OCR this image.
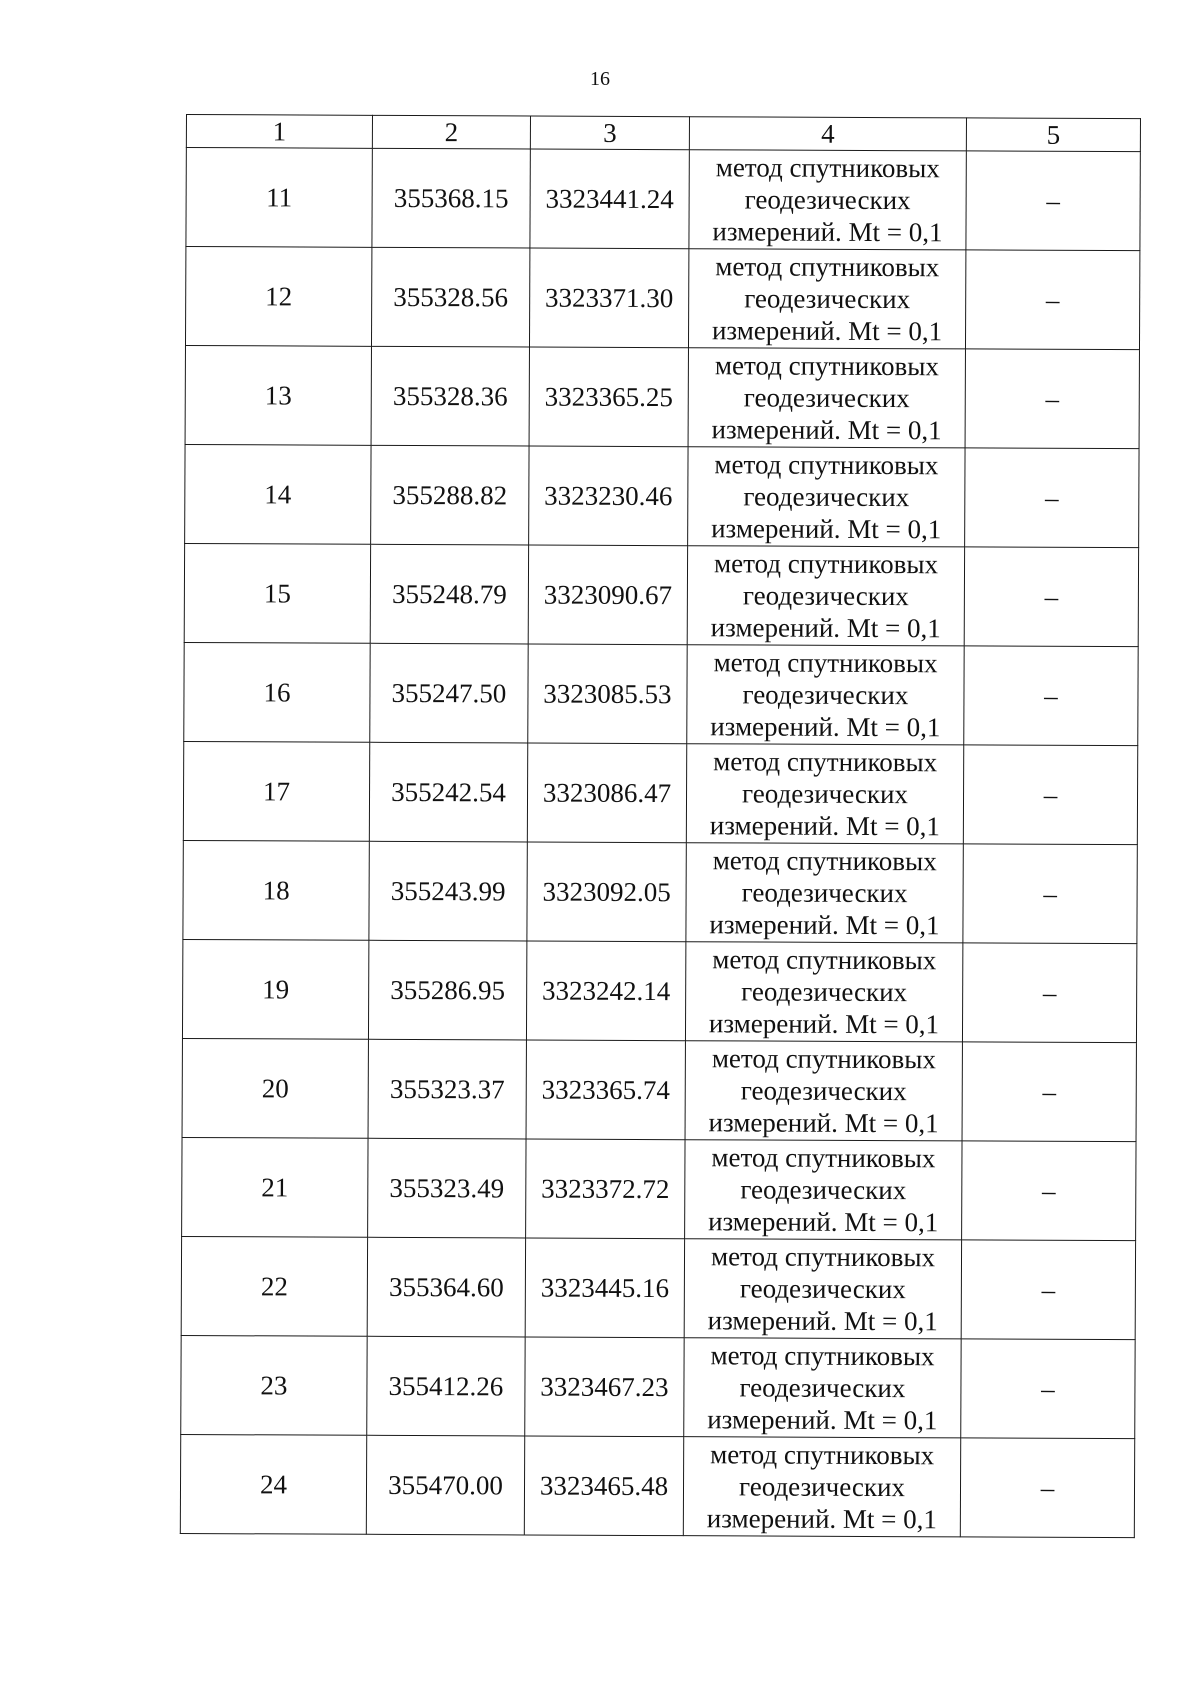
16
1	2	3	4	5
11	355368.15	3323441.24	метод спутниковых
геодезических
измерений. Mt = 0,1	–
12	355328.56	3323371.30	метод спутниковых
геодезических
измерений. Mt = 0,1	–
13	355328.36	3323365.25	метод спутниковых
геодезических
измерений. Mt = 0,1	–
14	355288.82	3323230.46	метод спутниковых
геодезических
измерений. Mt = 0,1	–
15	355248.79	3323090.67	метод спутниковых
геодезических
измерений. Mt = 0,1	–
16	355247.50	3323085.53	метод спутниковых
геодезических
измерений. Mt = 0,1	–
17	355242.54	3323086.47	метод спутниковых
геодезических
измерений. Mt = 0,1	–
18	355243.99	3323092.05	метод спутниковых
геодезических
измерений. Mt = 0,1	–
19	355286.95	3323242.14	метод спутниковых
геодезических
измерений. Mt = 0,1	–
20	355323.37	3323365.74	метод спутниковых
геодезических
измерений. Mt = 0,1	–
21	355323.49	3323372.72	метод спутниковых
геодезических
измерений. Mt = 0,1	–
22	355364.60	3323445.16	метод спутниковых
геодезических
измерений. Mt = 0,1	–
23	355412.26	3323467.23	метод спутниковых
геодезических
измерений. Mt = 0,1	–
24	355470.00	3323465.48	метод спутниковых
геодезических
измерений. Mt = 0,1	–
